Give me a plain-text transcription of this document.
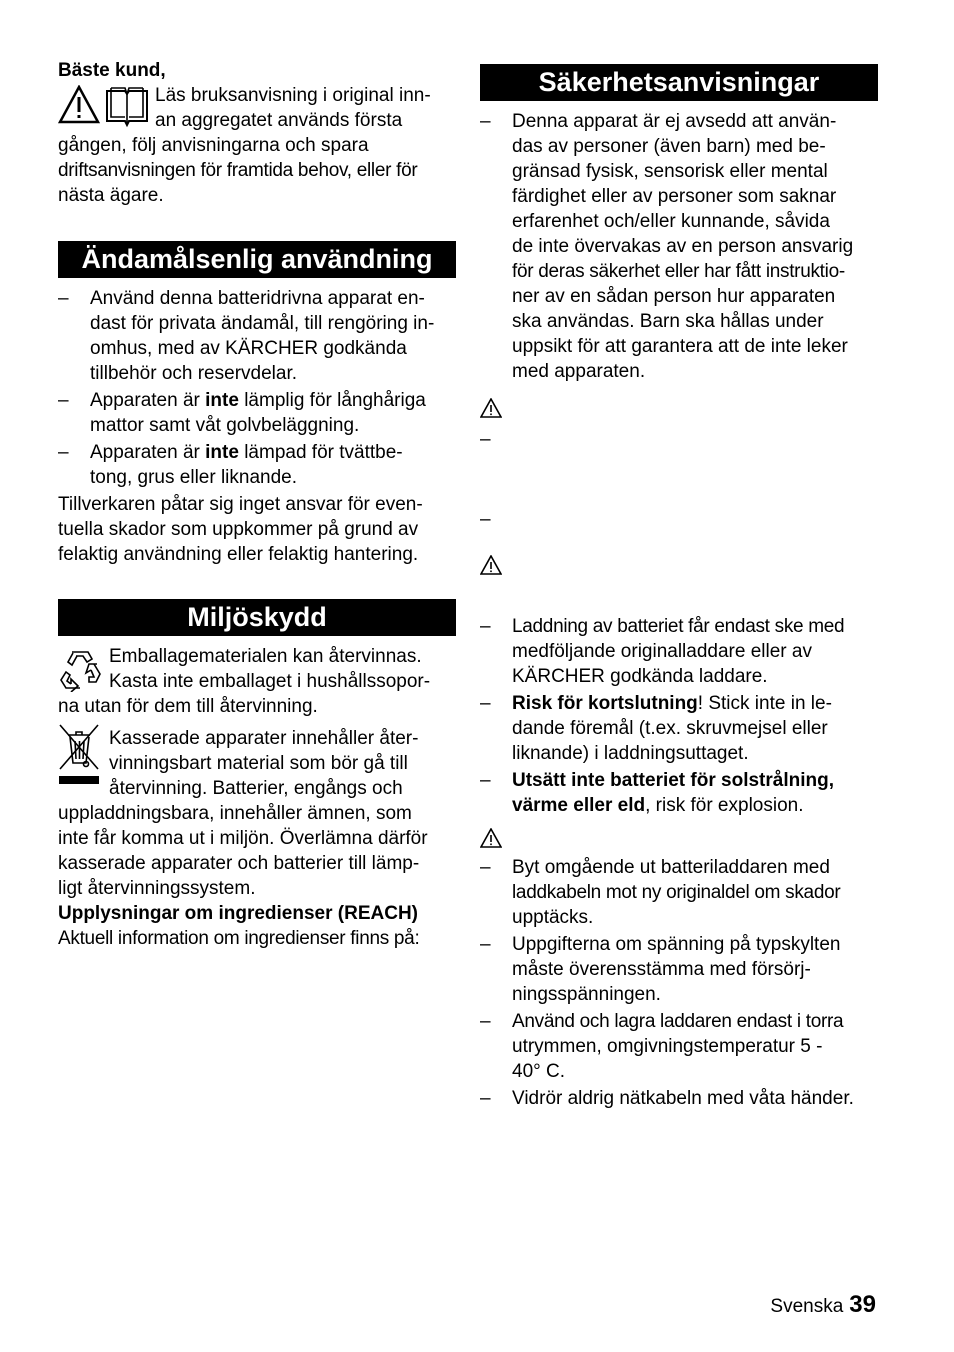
Bäste kund,

Läs bruksanvisning i original inn-

an aggregatet används första

gången, följ anvisningarna och spara

driftsanvisningen för framtida behov, eller för

nästa ägare.

Ändamålsenlig användning
– Använd denna batteridrivna apparat en-

dast för privata ändamål, till rengöring in-

omhus, med av KÄRCHER godkända

tillbehör och reservdelar.

– Apparaten är inte lämplig för långhåriga

mattor samt våt golvbeläggning.

– Apparaten är inte lämpad för tvättbe-

tong, grus eller liknande.

Tillverkaren påtar sig inget ansvar för even-

tuella skador som uppkommer på grund av

felaktig användning eller felaktig hantering.

Miljöskydd

Emballagematerialen kan återvinnas.

Kasta inte emballaget i hushållssopor-

na utan för dem till återvinning.

Kasserade apparater innehåller åter-

vinningsbart material som bör gå till

återvinning. Batterier, engångs och

uppladdningsbara, innehåller ämnen, som

inte får komma ut i miljön. Överlämna därför

kasserade apparater och batterier till lämp-

ligt återvinningssystem.

Upplysningar om ingredienser (REACH)

Aktuell information om ingredienser finns på:

Säkerhetsanvisningar
– Denna apparat är ej avsedd att använ-

das av personer (även barn) med be-

gränsad fysisk, sensorisk eller mental

färdighet eller av personer som saknar

erfarenhet och/eller kunnande, såvida

de inte övervakas av en person ansvarig

för deras säkerhet eller har fått instruktio-

ner av en sådan person hur apparaten

ska användas. Barn ska hållas under

uppsikt för att garantera att de inte leker

med apparaten.

–
–
– Laddning av batteriet får endast ske med

medföljande originalladdare eller av

KÄRCHER godkända laddare.

– Risk för kortslutning! Stick inte in le-

dande föremål (t.ex. skruvmejsel eller

liknande) i laddningsuttaget.

– Utsätt inte batteriet för solstrålning,

värme eller eld, risk för explosion.

– Byt omgående ut batteriladdaren med

laddkabeln mot ny originaldel om skador

upptäcks.

– Uppgifterna om spänning på typskylten

måste överensstämma med försörj-

ningsspänningen.

– Använd och lagra laddaren endast i torra

utrymmen, omgivningstemperatur 5 -

40° C.

– Vidrör aldrig nätkabeln med våta händer.

Svenska 39
